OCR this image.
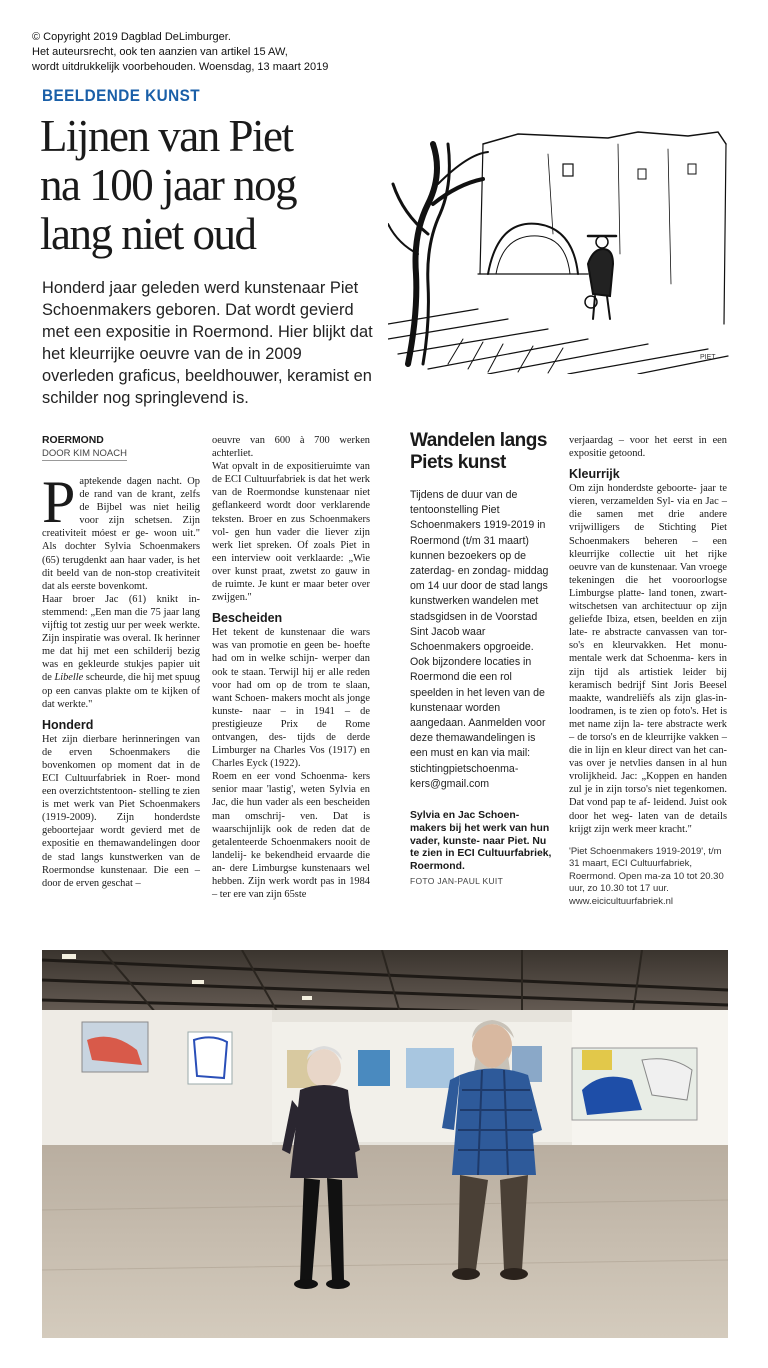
© Copyright 2019 Dagblad DeLimburger.
Het auteursrecht, ook ten aanzien van artikel 15 AW,
wordt uitdrukkelijk voorbehouden. Woensdag, 13 maart 2019
BEELDENDE KUNST
Lijnen van Piet
na 100 jaar nog
lang niet oud

Honderd jaar geleden werd kunstenaar Piet Schoenmakers geboren. Dat wordt gevierd met een expositie in Roermond. Hier blijkt dat het kleurrijke oeuvre van de in 2009 overleden graficus, beeldhouwer, keramist en schilder nog springlevend is.

PIET
ROERMOND
DOOR KIM NOACH

Paptekende dagen nacht. Op de rand van de krant, zelfs de Bijbel was niet heilig voor zijn schetsen. Zijn creativiteit móest er ge- woon uit." Als dochter Sylvia Schoenmakers (65) terugdenkt aan haar vader, is het dit beeld van de non-stop creativiteit dat als eerste bovenkomt.

Haar broer Jac (61) knikt in- stemmend: „Een man die 75 jaar lang vijftig tot zestig uur per week werkte. Zijn inspiratie was overal. Ik herinner me dat hij met een schilderij bezig was en gekleurde stukjes papier uit de Libelle scheurde, die hij met spuug op een canvas plakte om te kijken of dat werkte."

Honderd

Het zijn dierbare herinneringen van de erven Schoenmakers die bovenkomen op moment dat in de ECI Cultuurfabriek in Roer- mond een overzichtstentoon- stelling te zien is met werk van Piet Schoenmakers (1919-2009). Zijn honderdste geboortejaar wordt gevierd met de expositie en themawandelingen door de stad langs kunstwerken van de Roermondse kunstenaar. Die een – door de erven geschat –

oeuvre van 600 à 700 werken achterliet.

Wat opvalt in de expositieruimte van de ECI Cultuurfabriek is dat het werk van de Roermondse kunstenaar niet geflankeerd wordt door verklarende teksten. Broer en zus Schoenmakers vol- gen hun vader die liever zijn werk liet spreken. Of zoals Piet in een interview ooit verklaarde: „Wie over kunst praat, zwetst zo gauw in de ruimte. Je kunt er maar beter over zwijgen."

Bescheiden

Het tekent de kunstenaar die wars was van promotie en geen be- hoefte had om in welke schijn- werper dan ook te staan. Terwijl hij er alle reden voor had om op de trom te slaan, want Schoen- makers mocht als jonge kunste- naar – in 1941 – de prestigieuze Prix de Rome ontvangen, des- tijds de derde Limburger na Charles Vos (1917) en Charles Eyck (1922).

Roem en eer vond Schoenma- kers senior maar 'lastig', weten Sylvia en Jac, die hun vader als een bescheiden man omschrij- ven. Dat is waarschijnlijk ook de reden dat de getalenteerde Schoenmakers nooit de landelij- ke bekendheid ervaarde die an- dere Limburgse kunstenaars wel hebben. Zijn werk wordt pas in 1984 – ter ere van zijn 65ste

Wandelen langs Piets kunst
Tijdens de duur van de tentoonstelling Piet Schoenmakers 1919-2019 in Roermond (t/m 31 maart) kunnen bezoekers op de zaterdag- en zondag- middag om 14 uur door de stad langs kunstwerken wandelen met stadsgidsen in de Voorstad Sint Jacob waar Schoenmakers opgroeide. Ook bijzondere locaties in Roermond die een rol speelden in het leven van de kunstenaar worden aangedaan. Aanmelden voor deze themawandelingen is een must en kan via mail: stichtingpietschoenma- kers@gmail.com
Sylvia en Jac Schoen- makers bij het werk van hun vader, kunste- naar Piet. Nu te zien in ECI Cultuurfabriek, Roermond.
FOTO JAN-PAUL KUIT

verjaardag – voor het eerst in een expositie getoond.

Kleurrijk

Om zijn honderdste geboorte- jaar te vieren, verzamelden Syl- via en Jac – die samen met drie andere vrijwilligers de Stichting Piet Schoenmakers beheren – een kleurrijke collectie uit het rijke oeuvre van de kunstenaar. Van vroege tekeningen die het vooroorlogse Limburgse platte- land tonen, zwart-witschetsen van architectuur op zijn geliefde Ibiza, etsen, beelden en zijn late- re abstracte canvassen van tor- so's en kleurvakken. Het monu- mentale werk dat Schoenma- kers in zijn tijd als artistiek leider bij keramisch bedrijf Sint Joris Beesel maakte, wandreliëfs als zijn glas-in-loodramen, is te zien op foto's. Het is met name zijn la- tere abstracte werk – de torso's en de kleurrijke vakken – die in lijn en kleur direct van het can- vas over je netvlies dansen in al hun vrolijkheid. Jac: „Koppen en handen zul je in zijn torso's niet tegenkomen. Dat vond pap te af- leidend. Juist ook door het weg- laten van de details krijgt zijn werk meer kracht."

'Piet Schoenmakers 1919-2019', t/m 31 maart, ECI Cultuurfabriek, Roermond. Open ma-za 10 tot 20.30 uur, zo 10.30 tot 17 uur. www.eicicultuurfabriek.nl
